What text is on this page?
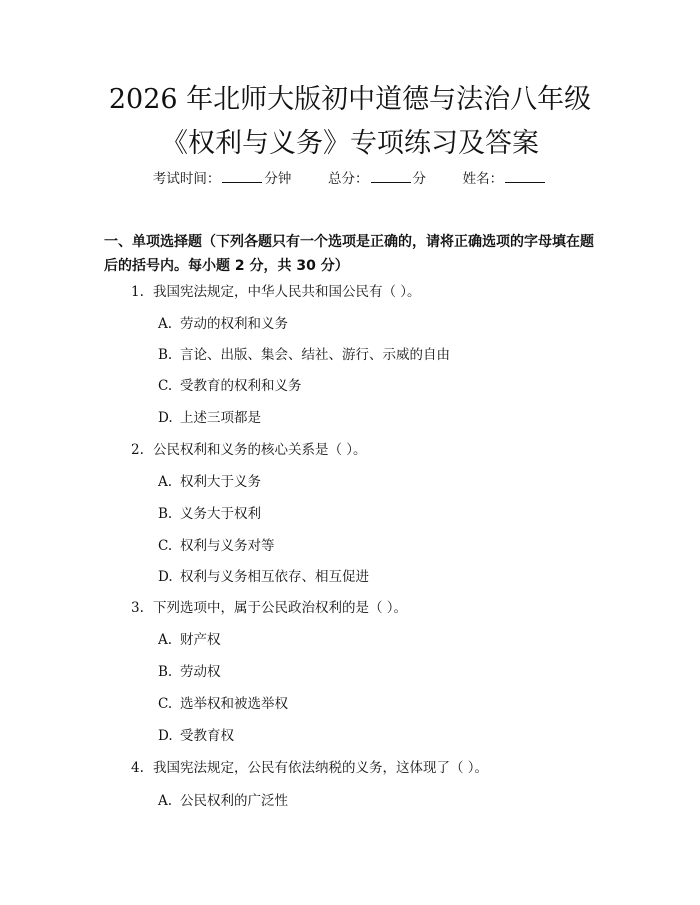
2026 年北师大版初中道德与法治八年级《权利与义务》专项练习及答案
考试时间：	分钟	总分：	分	姓名：
一、单项选择题（下列各题只有一个选项是正确的，请将正确选项的字母填在题后的括号内。每小题 2 分，共 30 分）
1. 我国宪法规定，中华人民共和国公民有（ ）。
A. 劳动的权利和义务
B. 言论、出版、集会、结社、游行、示威的自由
C. 受教育的权利和义务
D. 上述三项都是
2. 公民权利和义务的核心关系是（ ）。
A. 权利大于义务
B. 义务大于权利
C. 权利与义务对等
D. 权利与义务相互依存、相互促进
3. 下列选项中，属于公民政治权利的是（ ）。
A. 财产权
B. 劳动权
C. 选举权和被选举权
D. 受教育权
4. 我国宪法规定，公民有依法纳税的义务，这体现了（ ）。
A. 公民权利的广泛性
